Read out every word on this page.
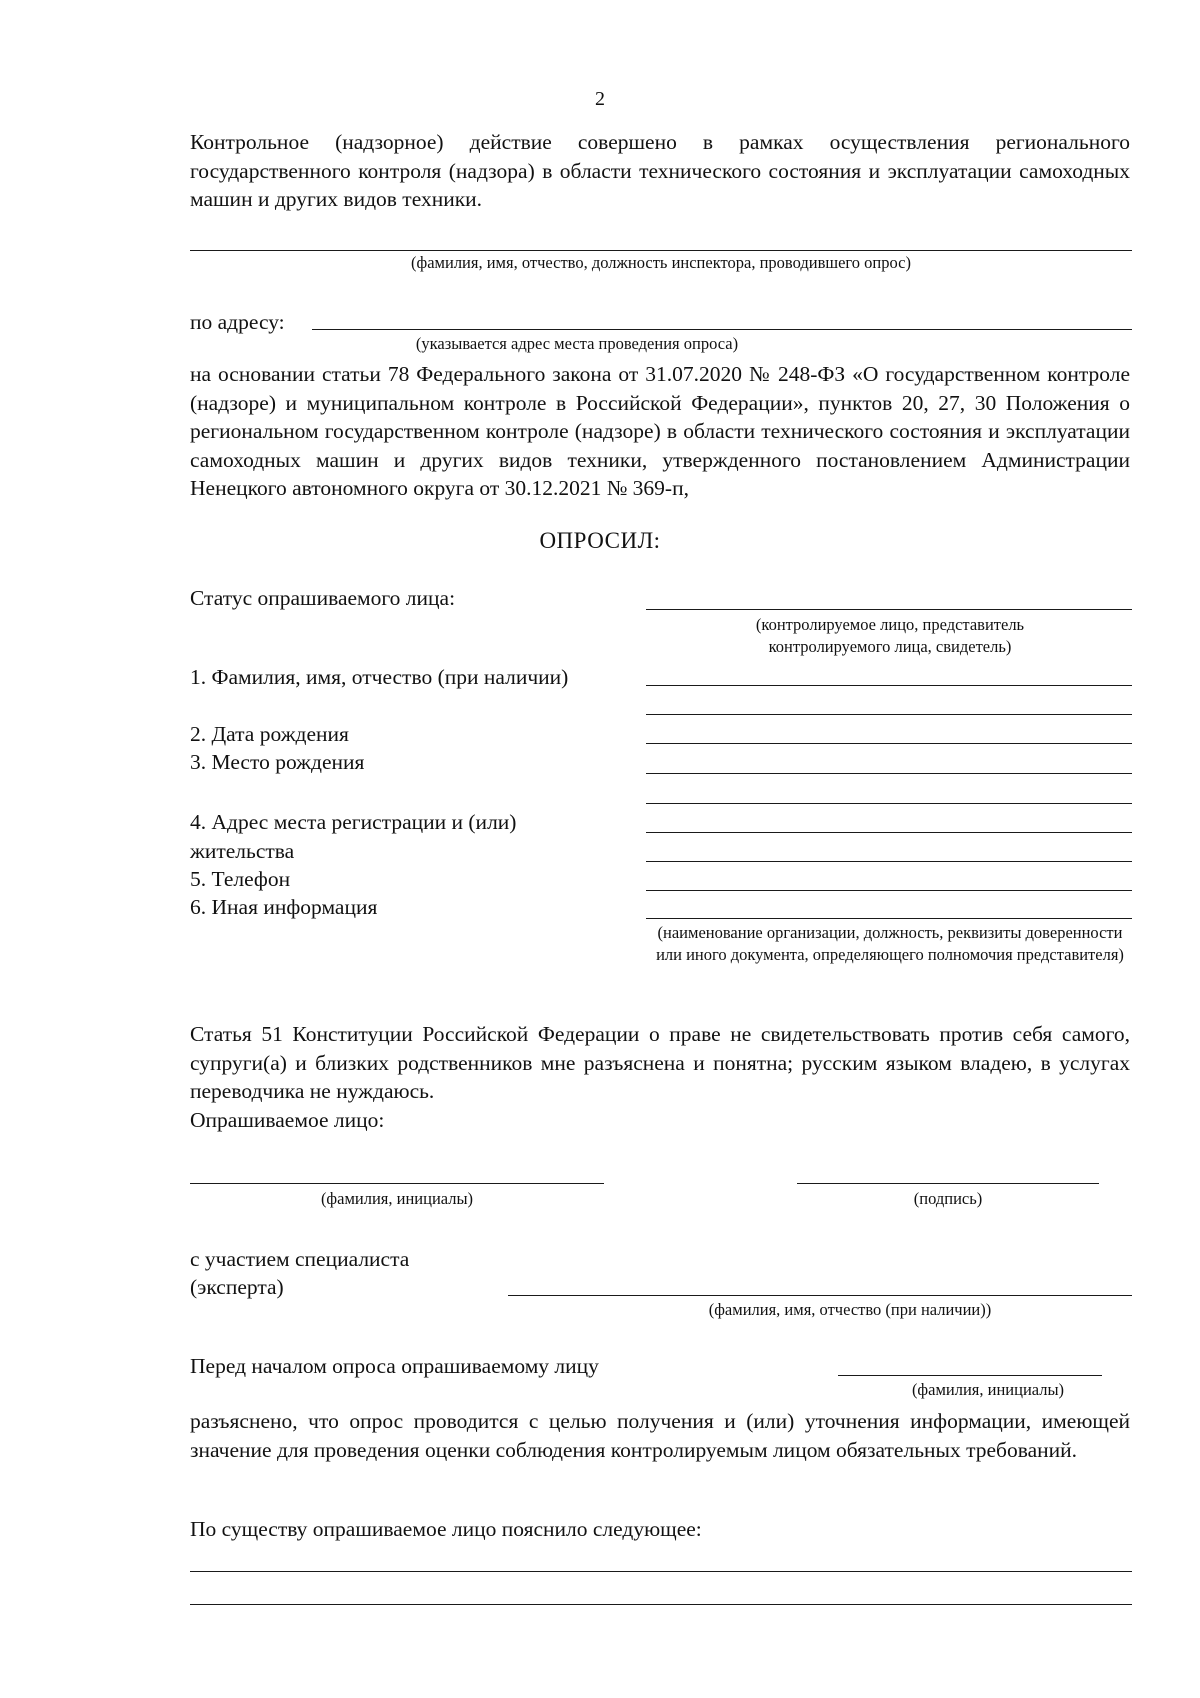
2
Контрольное (надзорное) действие совершено в рамках осуществления регионального государственного контроля (надзора) в области технического состояния и эксплуатации самоходных машин и других видов техники.
(фамилия, имя, отчество, должность инспектора, проводившего опрос)
по адресу:
(указывается адрес места проведения опроса)
на основании статьи 78 Федерального закона от 31.07.2020 № 248-ФЗ «О государственном контроле (надзоре) и муниципальном контроле в Российской Федерации», пунктов 20, 27, 30 Положения о региональном государственном контроле (надзоре) в области технического состояния и эксплуатации самоходных машин и других видов техники, утвержденного постановлением Администрации Ненецкого автономного округа от 30.12.2021 № 369-п,
ОПРОСИЛ:
Статус опрашиваемого лица:
(контролируемое лицо, представитель контролируемого лица, свидетель)
1. Фамилия, имя, отчество (при наличии)
2. Дата рождения
3. Место рождения
4. Адрес места регистрации и (или)
жительства
5. Телефон
6. Иная информация
(наименование организации, должность, реквизиты доверенности или иного документа, определяющего полномочия представителя)
Статья 51 Конституции Российской Федерации о праве не свидетельствовать против себя самого, супруги(а) и близких родственников мне разъяснена и понятна; русским языком владею, в услугах переводчика не нуждаюсь.
Опрашиваемое лицо:
(фамилия, инициалы)	(подпись)
с участием специалиста
(эксперта)
(фамилия, имя, отчество (при наличии))
Перед началом опроса опрашиваемому лицу
(фамилия, инициалы)
разъяснено, что опрос проводится с целью получения и (или) уточнения информации, имеющей значение для проведения оценки соблюдения контролируемым лицом обязательных требований.
По существу опрашиваемое лицо пояснило следующее:
